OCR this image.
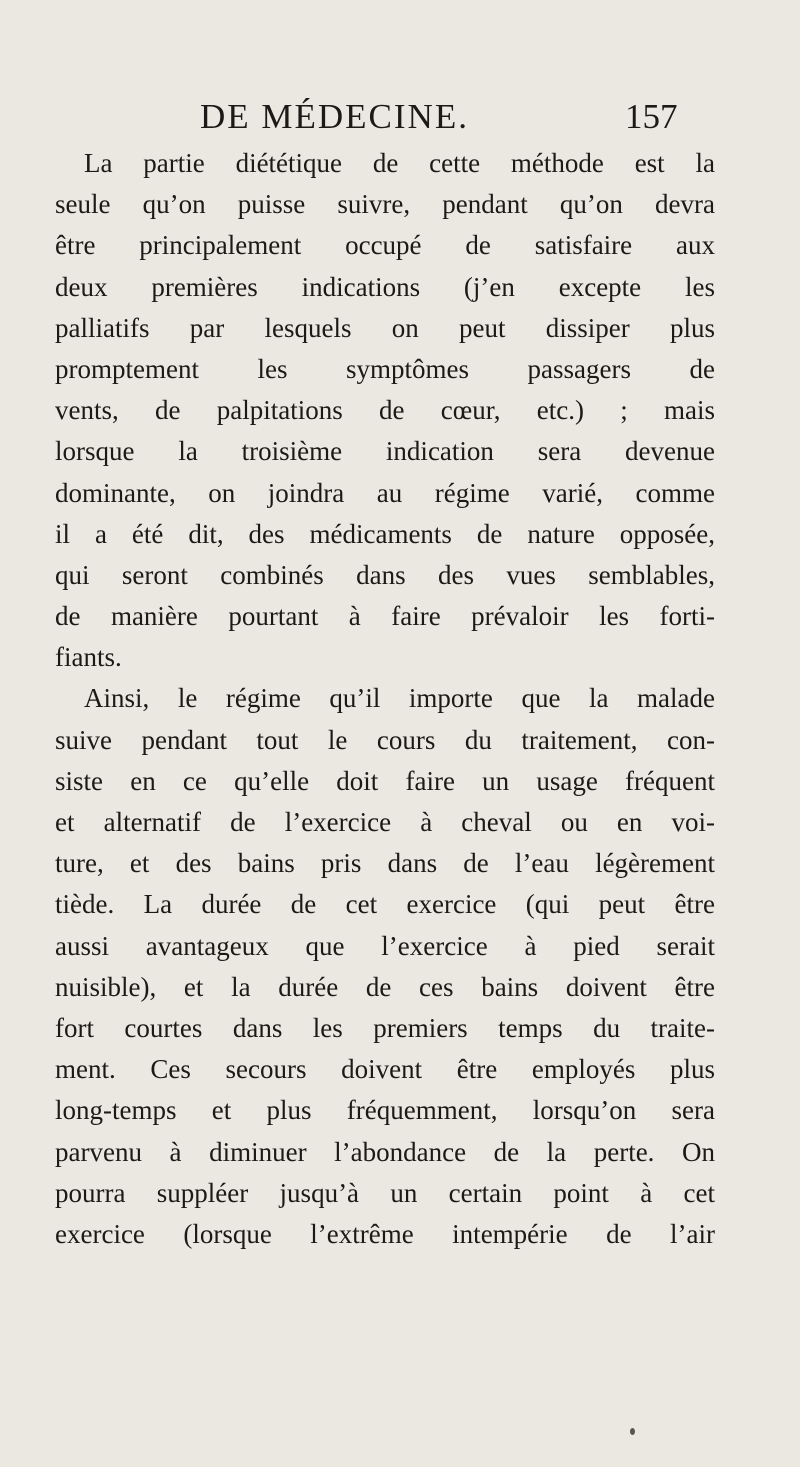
DE MÉDECINE.	157
La partie diététique de cette méthode est la
seule qu’on puisse suivre, pendant qu’on devra
être principalement occupé de satisfaire aux
deux premières indications (j’en excepte les
palliatifs par lesquels on peut dissiper plus
promptement les symptômes passagers de
vents, de palpitations de cœur, etc.) ; mais
lorsque la troisième indication sera devenue
dominante, on joindra au régime varié, comme
il a été dit, des médicaments de nature opposée,
qui seront combinés dans des vues semblables,
de manière pourtant à faire prévaloir les forti-
fiants.
Ainsi, le régime qu’il importe que la malade
suive pendant tout le cours du traitement, con-
siste en ce qu’elle doit faire un usage fréquent
et alternatif de l’exercice à cheval ou en voi-
ture, et des bains pris dans de l’eau légèrement
tiède. La durée de cet exercice (qui peut être
aussi avantageux que l’exercice à pied serait
nuisible), et la durée de ces bains doivent être
fort courtes dans les premiers temps du traite-
ment. Ces secours doivent être employés plus
long-temps et plus fréquemment, lorsqu’on sera
parvenu à diminuer l’abondance de la perte. On
pourra suppléer jusqu’à un certain point à cet
exercice (lorsque l’extrême intempérie de l’air
